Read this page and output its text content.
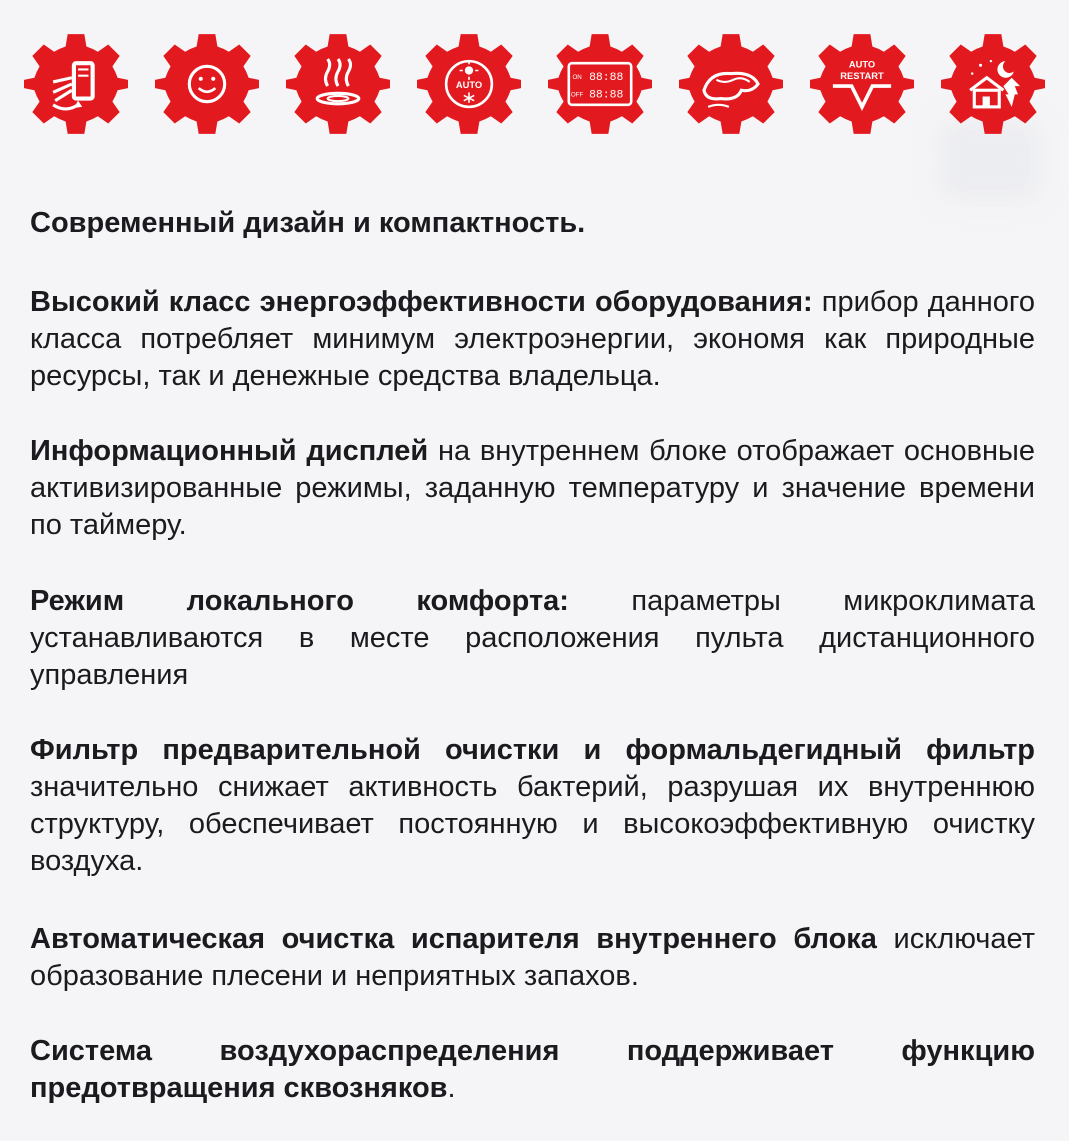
AUTO
ON 88:88
OFF 88:88
AUTO
RESTART

Современный дизайн и компактность.

Высокий класс энергоэффективности оборудования: прибор данного класса потребляет минимум электроэнергии, экономя как природные ресурсы, так и денежные средства владельца.

Информационный дисплей на внутреннем блоке отображает основные активизированные режимы, заданную температуру и значение времени по таймеру.

Режим локального комфорта: параметры микроклимата устанавливаются в месте расположения пульта дистанционного управления

Фильтр предварительной очистки и формальдегидный фильтр значительно снижает активность бактерий, разрушая их внутреннюю структуру, обеспечивает постоянную и высокоэффективную очистку воздуха.

Автоматическая очистка испарителя внутреннего блока исключает образование плесени и неприятных запахов.

Система воздухораспределения поддерживает функцию предотвращения сквозняков.
